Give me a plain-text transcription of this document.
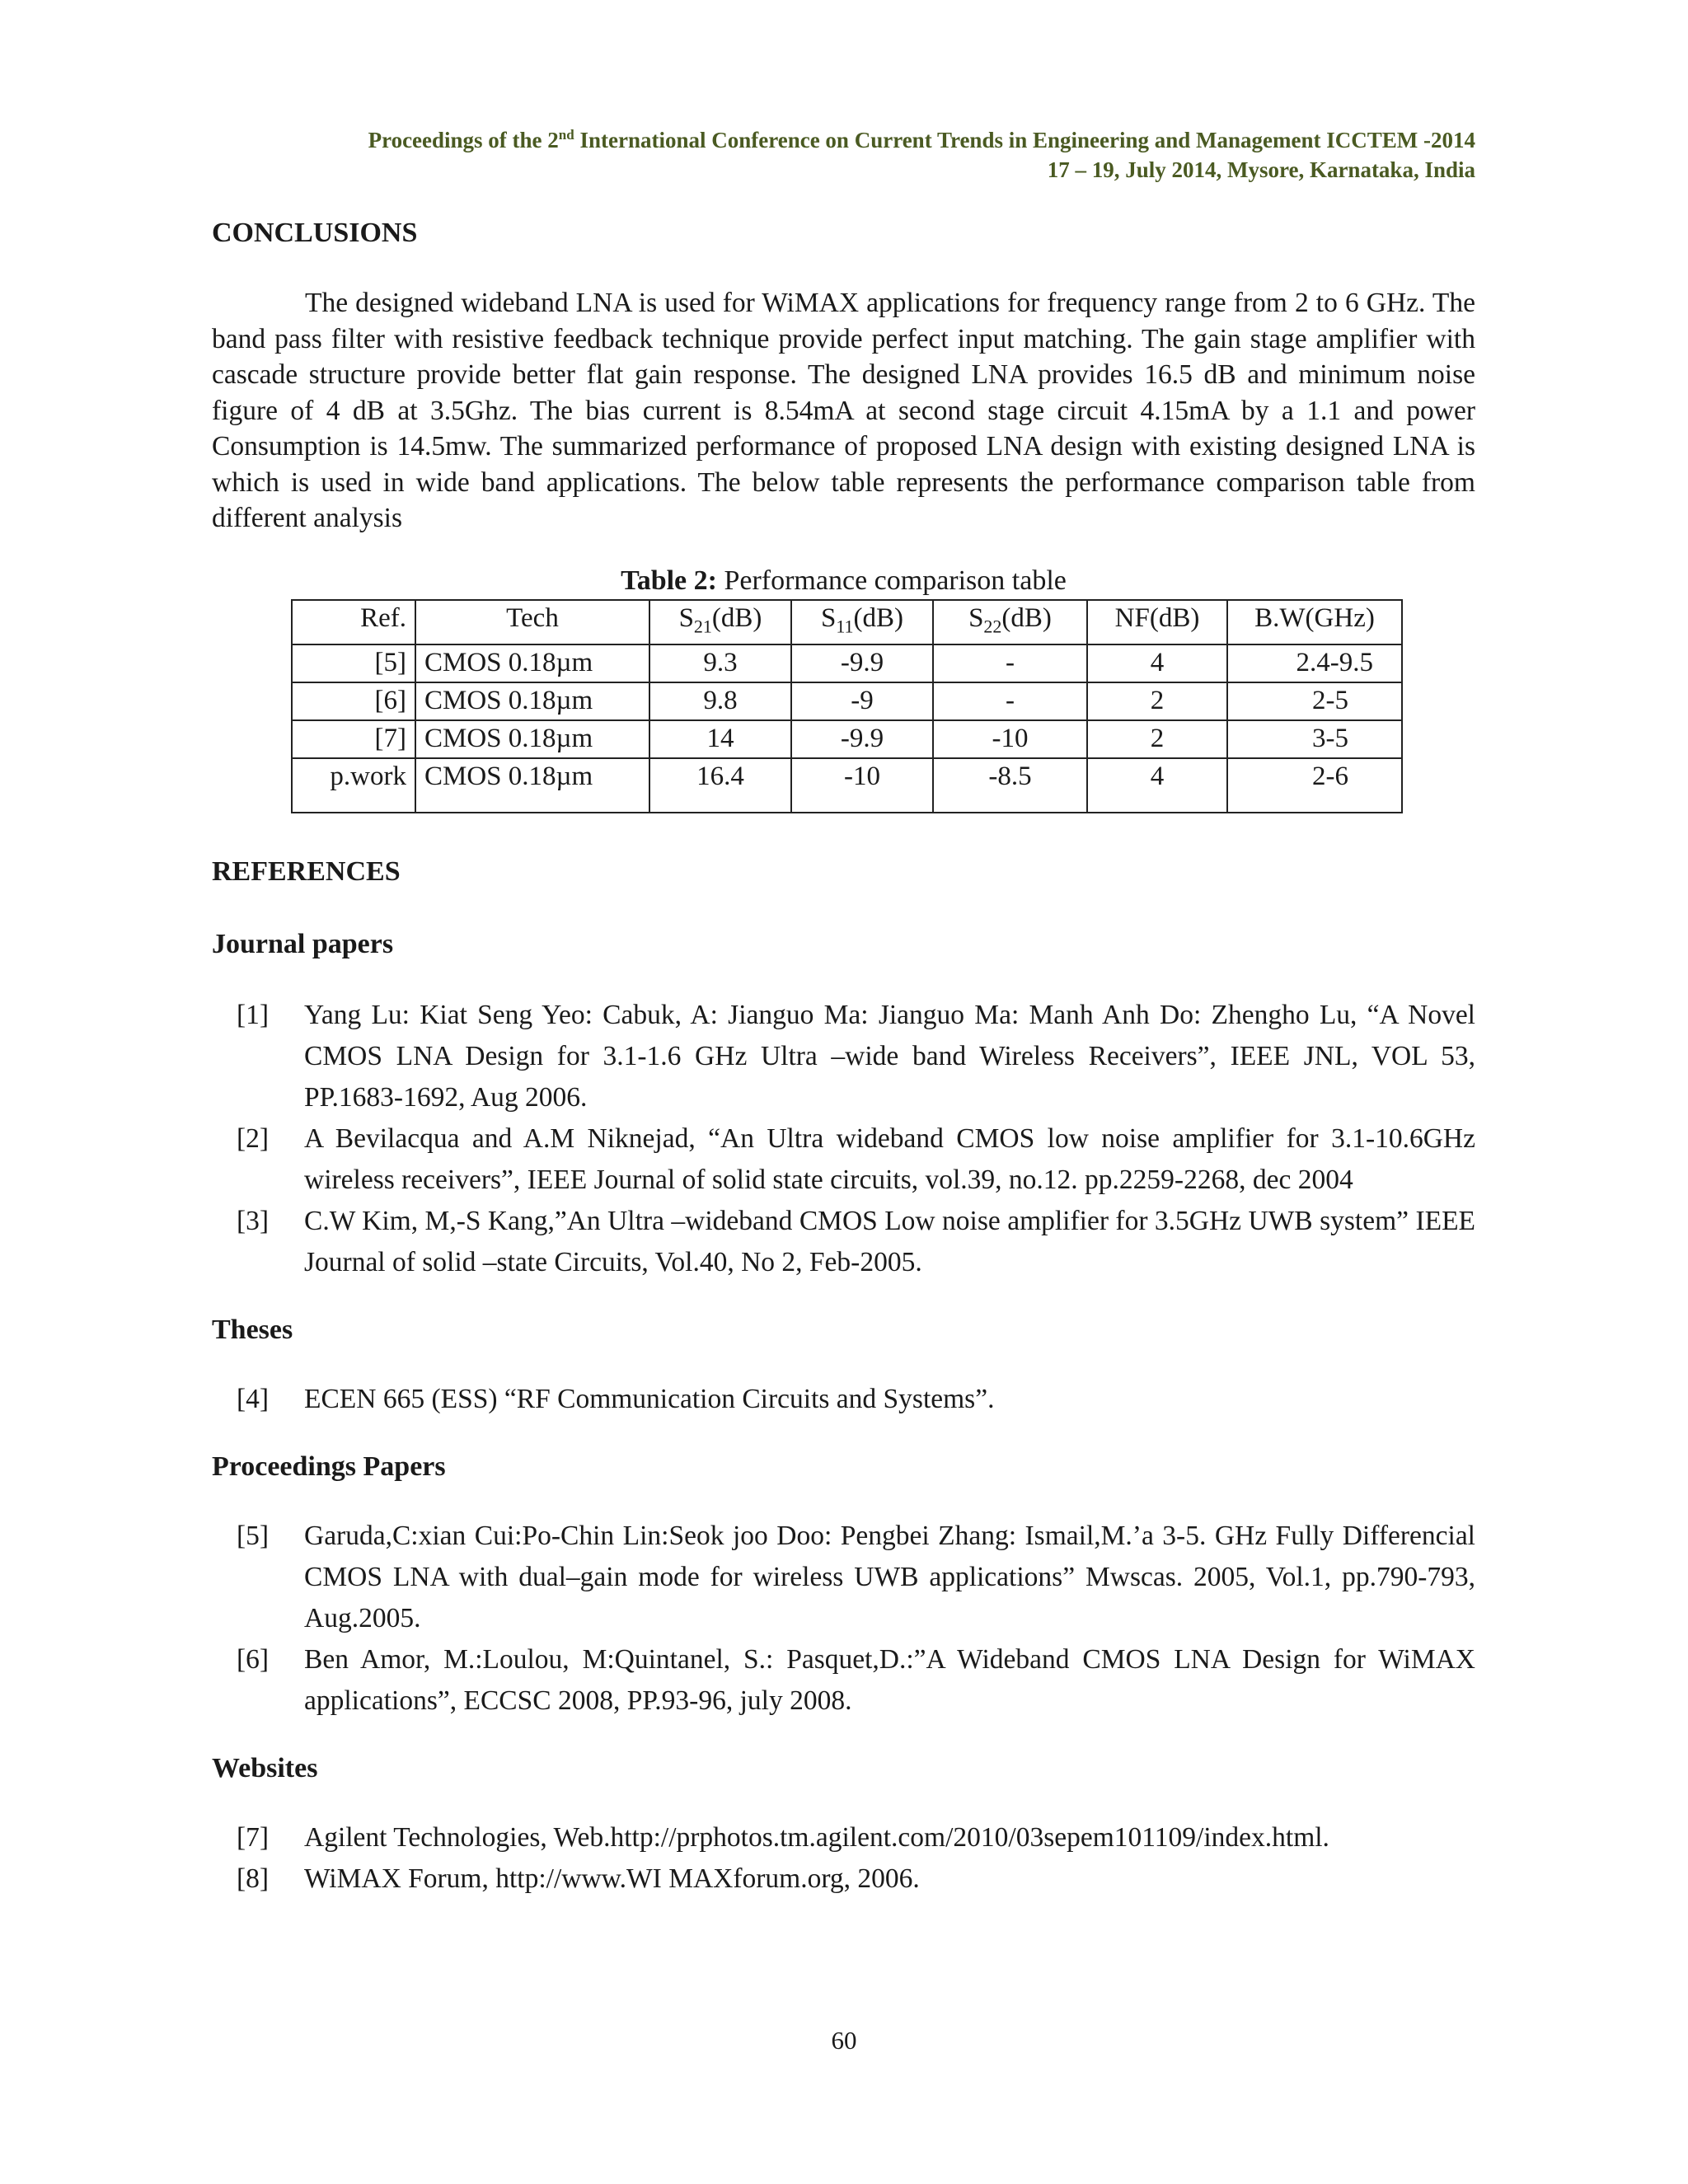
Proceedings of the 2nd International Conference on Current Trends in Engineering and Management ICCTEM -2014
17 – 19, July 2014, Mysore, Karnataka, India
CONCLUSIONS

The designed wideband LNA is used for WiMAX applications for frequency range from 2 to 6 GHz. The band pass filter with resistive feedback technique provide perfect input matching. The gain stage amplifier with cascade structure provide better flat gain response. The designed LNA provides 16.5 dB and minimum noise figure of 4 dB at 3.5Ghz. The bias current is 8.54mA at second stage circuit 4.15mA by a 1.1 and power Consumption is 14.5mw. The summarized performance of proposed LNA design with existing designed LNA is which is used in wide band applications. The below table represents the performance comparison table from different analysis

Table 2: Performance comparison table
Ref.	Tech	$S_{21}(dB)$	$S_{11}(dB)$	$S_{22}(dB)$	NF(dB)	B.W(GHz)
[5]	CMOS 0.18µm	9.3	-9.9	-	4	2.4-9.5
[6]	CMOS 0.18µm	9.8	-9	-	2	2-5
[7]	CMOS 0.18µm	14	-9.9	-10	2	3-5
p.work	CMOS 0.18µm	16.4	-10	-8.5	4	2-6
REFERENCES
Journal papers
[1] Yang Lu: Kiat Seng Yeo: Cabuk, A: Jianguo Ma: Jianguo Ma: Manh Anh Do: Zhengho Lu, “A Novel CMOS LNA Design for 3.1-1.6 GHz Ultra –wide band Wireless Receivers”, IEEE JNL, VOL 53, PP.1683-1692, Aug 2006.
[2] A Bevilacqua and A.M Niknejad, “An Ultra wideband CMOS low noise amplifier for 3.1-10.6GHz wireless receivers”, IEEE Journal of solid state circuits, vol.39, no.12. pp.2259-2268, dec 2004
[3] C.W Kim, M,-S Kang,”An Ultra –wideband CMOS Low noise amplifier for 3.5GHz UWB system” IEEE Journal of solid –state Circuits, Vol.40, No 2, Feb-2005.
Theses
[4] ECEN 665 (ESS) “RF Communication Circuits and Systems”.
Proceedings Papers
[5] Garuda,C:xian Cui:Po-Chin Lin:Seok joo Doo: Pengbei Zhang: Ismail,M.’a 3-5. GHz Fully Differencial CMOS LNA with dual–gain mode for wireless UWB applications” Mwscas. 2005, Vol.1, pp.790-793, Aug.2005.
[6] Ben Amor, M.:Loulou, M:Quintanel, S.: Pasquet,D.:”A Wideband CMOS LNA Design for WiMAX applications”, ECCSC 2008, PP.93-96, july 2008.
Websites
[7] Agilent Technologies, Web.http://prphotos.tm.agilent.com/2010/03sepem101109/index.html.
[8] WiMAX Forum, http://www.WI MAXforum.org, 2006.
60
